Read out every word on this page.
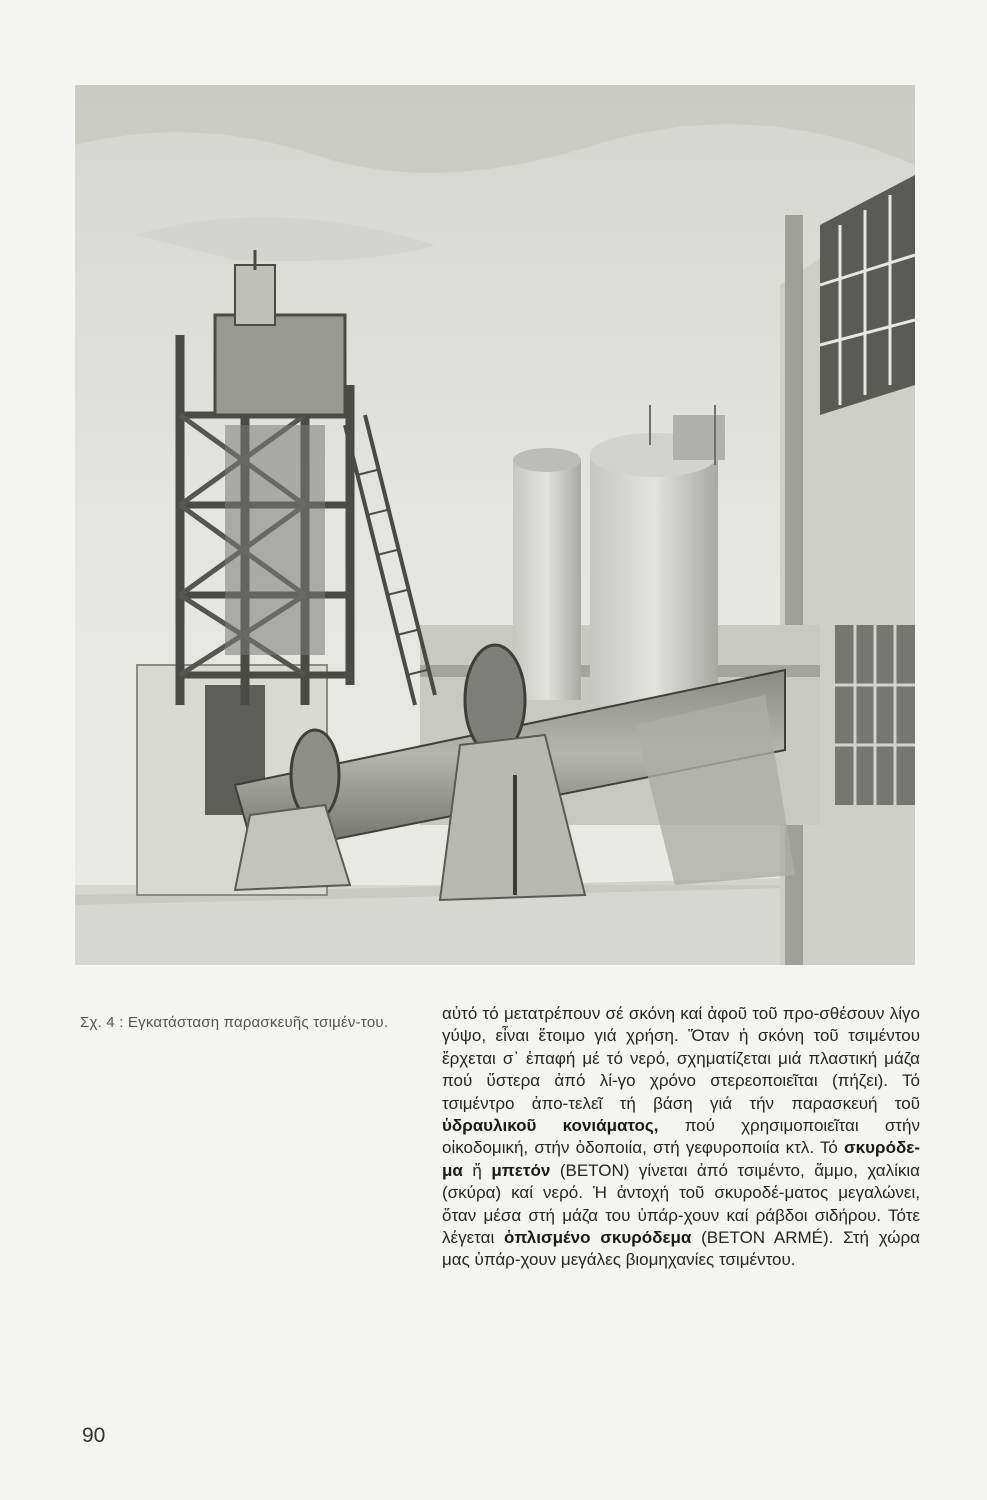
Σχ. 4 : Εγκατάσταση παρασκευῆς τσιμέν-τoυ.	αὐτό τό μετατρέπουν σέ σκόνη καί ἀφοῦ τοῦ προ-σθέσουν λίγο γύψο, εἶναι ἕτοιμο γιά χρήση. Ὅταν ἡ σκόνη τοῦ τσιμέντου ἔρχεται σ᾽ ἐπαφή μέ τό νερό, σχηματίζεται μιά πλαστική μάζα πού ὕστερα ἀπό λί-γο χρόνο στερεοποιεῖται (πήζει). Τό τσιμέντρο ἀπο-τελεῖ τή βάση γιά τήν παρασκευή τοῦ ὑδραυλικοῦ κονιάματος, πού χρησιμοποιεῖται στήν οἰκοδομική, στήν ὁδοποιία, στή γεφυροποιία κτλ. Τό σκυρόδε-μα ἤ μπετόν (BETON) γίνεται ἀπό τσιμέντο, ἄμμο, χαλίκια (σκύρα) καί νερό. Ἡ ἀντοχή τοῦ σκυροδέ-ματος μεγαλώνει, ὅταν μέσα στή μάζα του ὑπάρ-χουν καί ράβδοι σιδήρου. Τότε λέγεται ὁπλισμένο σκυρόδεμα (BETON ARMÉ). Στή χώρα μας ὑπάρ-χουν μεγάλες βιομηχανίες τσιμέντου.
90
